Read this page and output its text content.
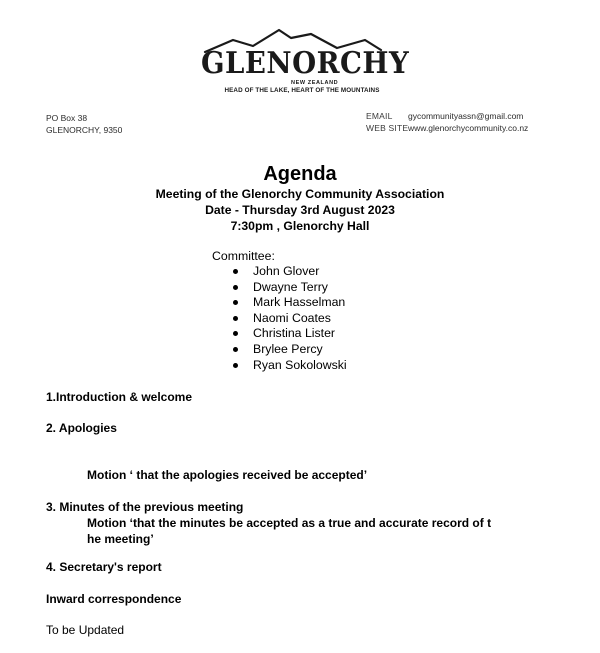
GLENORCHY
NEW ZEALAND
HEAD OF THE LAKE, HEART OF THE MOUNTAINS
PO Box 38
GLENORCHY, 9350
EMAIL gycommunityassn@gmail.com
WEB SITEwww.glenorchycommunity.co.nz
Agenda
Meeting of the Glenorchy Community Association
Date - Thursday 3rd August 2023
7:30pm , Glenorchy Hall
Committee:
John Glover
Dwayne Terry
Mark Hasselman
Naomi Coates
Christina Lister
Brylee Percy
Ryan Sokolowski
1.Introduction & welcome
2. Apologies
Motion ‘ that the apologies received be accepted’
3. Minutes of the previous meeting
Motion ‘that the minutes be accepted as a true and accurate record of t
he meeting’
4. Secretary's report
Inward correspondence
To be Updated
